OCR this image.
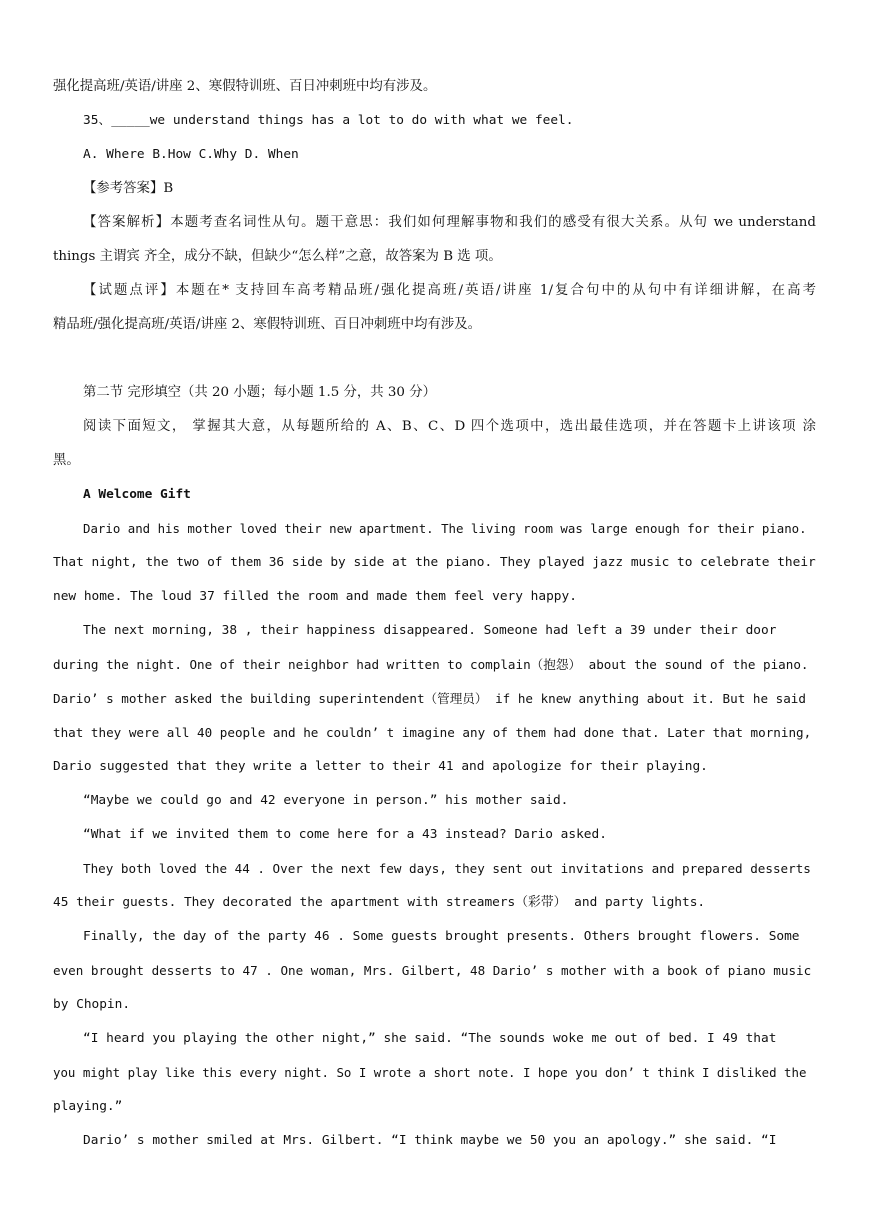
强化提高班/英语/讲座 2、寒假特训班、百日冲刺班中均有涉及。
35、_____we understand things has a lot to do with what we feel.
A. Where B.How C.Why D. When
【参考答案】B
【答案解析】本题考查名词性从句。题干意思：我们如何理解事物和我们的感受有很大关系。从句 we understand
things 主谓宾 齐全，成分不缺，但缺少“怎么样”之意，故答案为 B 选 项。
【试题点评】本题在* 支持回车高考精品班/强化提高班/英语/讲座 1/复合句中的从句中有详细讲解，在高考
精品班/强化提高班/英语/讲座 2、寒假特训班、百日冲刺班中均有涉及。
第二节 完形填空（共 20 小题；每小题 1.5 分，共 30 分）
阅读下面短文， 掌握其大意，从每题所给的 A、B、C、D 四个选项中，选出最佳选项，并在答题卡上讲该项 涂
黑。
A Welcome Gift
Dario and his mother loved their new apartment. The living room was large enough for their piano.
That night, the two of them 36 side by side at the piano. They played jazz music to celebrate their
new home. The loud 37 filled the room and made them feel very happy.
The next morning, 38 , their happiness disappeared. Someone had left a 39 under their door
during the night. One of their neighbor had written to complain（抱怨） about the sound of the piano.
Dario’ s mother asked the building superintendent（管理员） if he knew anything about it. But he said
that they were all 40 people and he couldn’ t imagine any of them had done that. Later that morning,
Dario suggested that they write a letter to their 41 and apologize for their playing.
“Maybe we could go and 42 everyone in person.” his mother said.
“What if we invited them to come here for a 43 instead? Dario asked.
They both loved the 44 . Over the next few days, they sent out invitations and prepared desserts
45 their guests. They decorated the apartment with streamers（彩带） and party lights.
Finally, the day of the party 46 . Some guests brought presents. Others brought flowers. Some
even brought desserts to 47 . One woman, Mrs. Gilbert, 48 Dario’ s mother with a book of piano music
by Chopin.
“I heard you playing the other night,” she said. “The sounds woke me out of bed. I 49 that
you might play like this every night. So I wrote a short note. I hope you don’ t think I disliked the
playing.”
Dario’ s mother smiled at Mrs. Gilbert. “I think maybe we 50 you an apology.” she said. “I
